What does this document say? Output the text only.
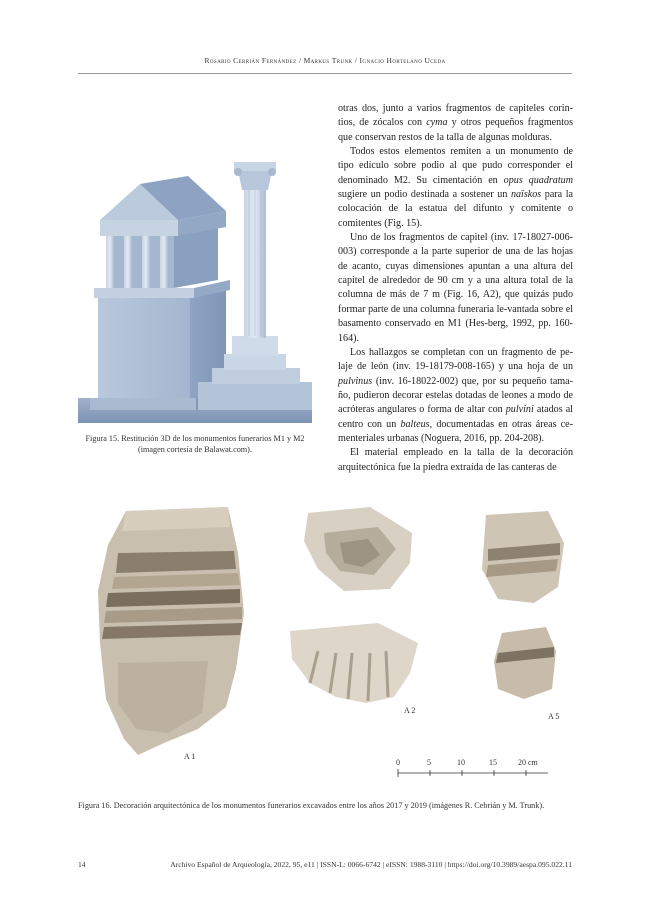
Rosario Cebrián Fernández / Markus Trunk / Ignacio Hortelano Uceda
Figura 15. Restitución 3D de los monumentos funerarios M1 y M2
(imagen cortesía de Balawat.com).

otras dos, junto a varios fragmentos de capiteles corin-tios, de zócalos con cyma y otros pequeños fragmentos que conservan restos de la talla de algunas molduras.

Todos estos elementos remiten a un monumento de tipo edículo sobre podio al que pudo corresponder el denominado M2. Su cimentación en opus quadratum sugiere un podio destinada a sostener un naïskos para la colocación de la estatua del difunto y comitente o comitentes (Fig. 15).

Uno de los fragmentos de capitel (inv. 17-18027-006-003) corresponde a la parte superior de una de las hojas de acanto, cuyas dimensiones apuntan a una altura del capitel de alrededor de 90 cm y a una altura total de la columna de más de 7 m (Fig. 16, A2), que quizás pudo formar parte de una columna funeraria le-vantada sobre el basamento conservado en M1 (Hes-berg, 1992, pp. 160-164).

Los hallazgos se completan con un fragmento de pe-laje de león (inv. 19-18179-008-165) y una hoja de un pulvinus (inv. 16-18022-002) que, por su pequeño tama-ño, pudieron decorar estelas dotadas de leones a modo de acróteras angulares o forma de altar con pulvini atados al centro con un balteus, documentadas en otras áreas ce-menteriales urbanas (Noguera, 2016, pp. 204-208).

El material empleado en la talla de la decoración arquitectónica fue la piedra extraída de las canteras de

A 1
A 2
A 5
0	5	10	15	20 cm
Figura 16. Decoración arquitectónica de los monumentos funerarios excavados entre los años 2017 y 2019 (imágenes R. Cebrián y M. Trunk).
14	Archivo Español de Arqueología, 2022, 95, e11 | ISSN-L: 0066-6742 | eISSN: 1988-3110 | https://doi.org/10.3989/aespa.095.022.11
